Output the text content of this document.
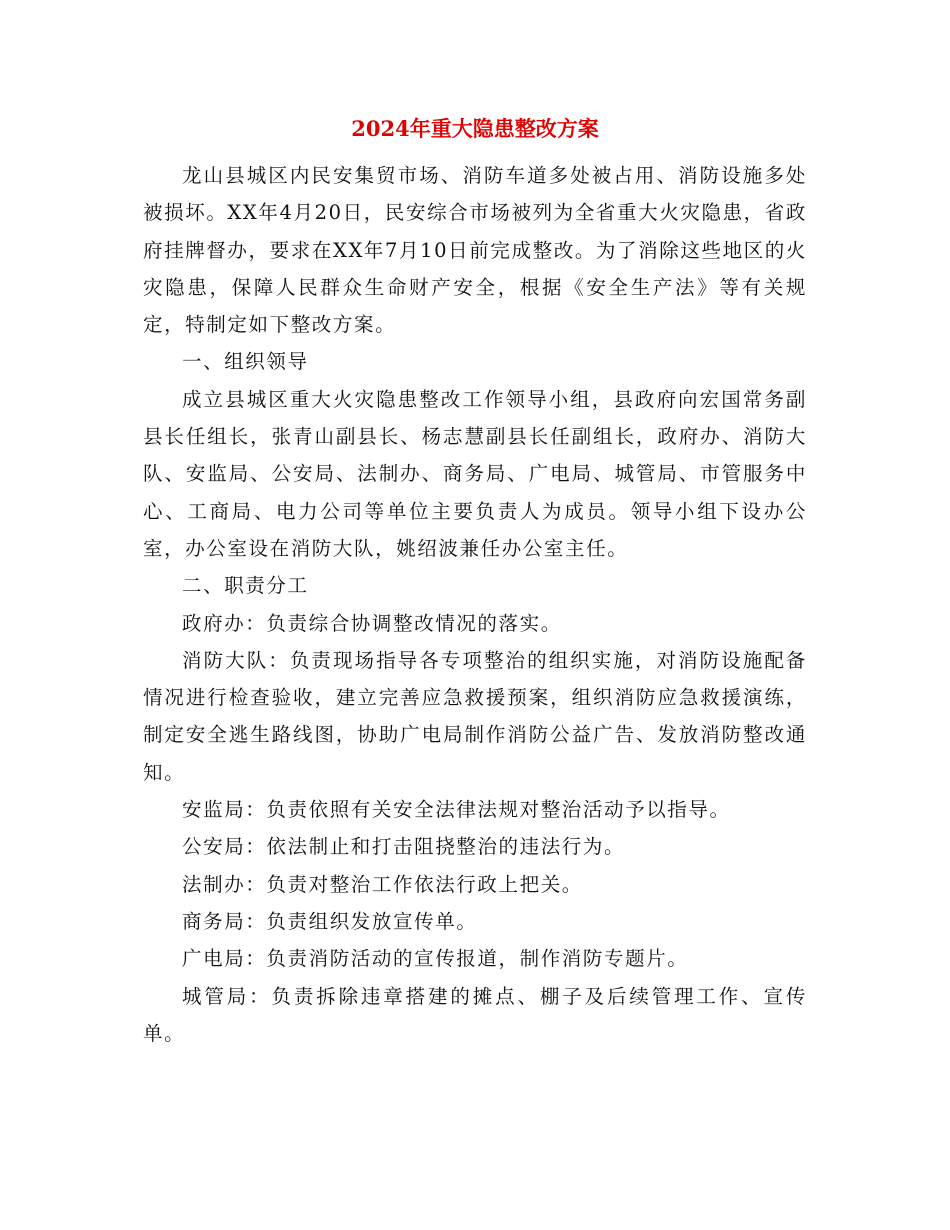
2024年重大隐患整改方案

龙山县城区内民安集贸市场、消防车道多处被占用、消防设施多处被损坏。XX年4月20日，民安综合市场被列为全省重大火灾隐患，省政府挂牌督办，要求在XX年7月10日前完成整改。为了消除这些地区的火灾隐患，保障人民群众生命财产安全，根据《安全生产法》等有关规定，特制定如下整改方案。

一、组织领导

成立县城区重大火灾隐患整改工作领导小组，县政府向宏国常务副县长任组长，张青山副县长、杨志慧副县长任副组长，政府办、消防大队、安监局、公安局、法制办、商务局、广电局、城管局、市管服务中心、工商局、电力公司等单位主要负责人为成员。领导小组下设办公室，办公室设在消防大队，姚绍波兼任办公室主任。

二、职责分工

政府办：负责综合协调整改情况的落实。

消防大队：负责现场指导各专项整治的组织实施，对消防设施配备情况进行检查验收，建立完善应急救援预案，组织消防应急救援演练，制定安全逃生路线图，协助广电局制作消防公益广告、发放消防整改通知。

安监局：负责依照有关安全法律法规对整治活动予以指导。

公安局：依法制止和打击阻挠整治的违法行为。

法制办：负责对整治工作依法行政上把关。

商务局：负责组织发放宣传单。

广电局：负责消防活动的宣传报道，制作消防专题片。

城管局：负责拆除违章搭建的摊点、棚子及后续管理工作、宣传单。
